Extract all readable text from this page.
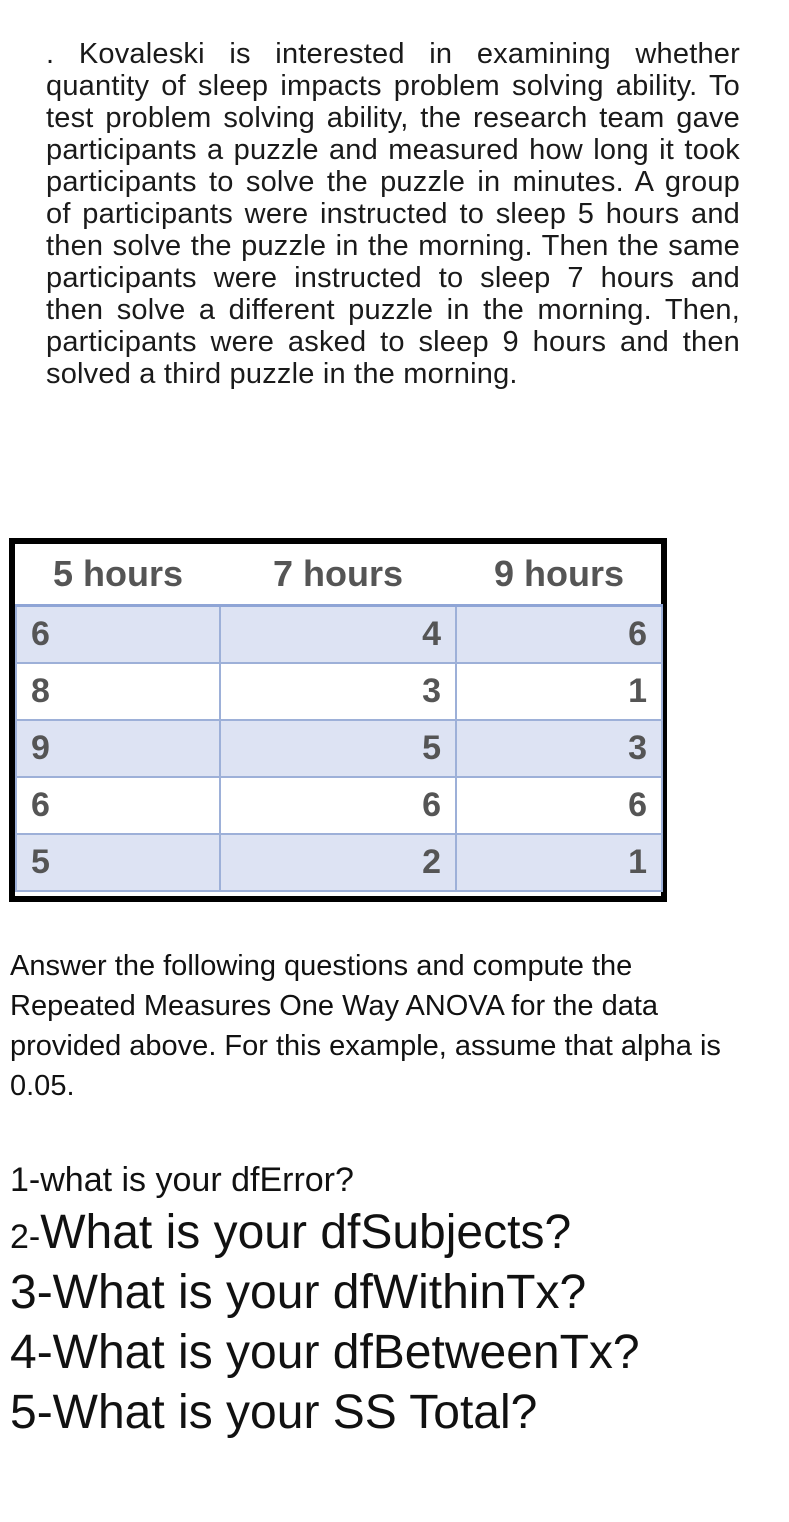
. Kovaleski is interested in examining whether quantity of sleep impacts problem solving ability. To test problem solving ability, the research team gave participants a puzzle and measured how long it took participants to solve the puzzle in minutes. A group of participants were instructed to sleep 5 hours and then solve the puzzle in the morning. Then the same participants were instructed to sleep 7 hours and then solve a different puzzle in the morning. Then, participants were asked to sleep 9 hours and then solved a third puzzle in the morning.
5 hours	7 hours	9 hours
6	4	6
8	3	1
9	5	3
6	6	6
5	2	1
Answer the following questions and compute the Repeated Measures One Way ANOVA for the data provided above. For this example, assume that alpha is 0.05.
1-what is your dfError?
2-What is your dfSubjects?
3-What is your dfWithinTx?
4-What is your dfBetweenTx?
5-What is your SS Total?
